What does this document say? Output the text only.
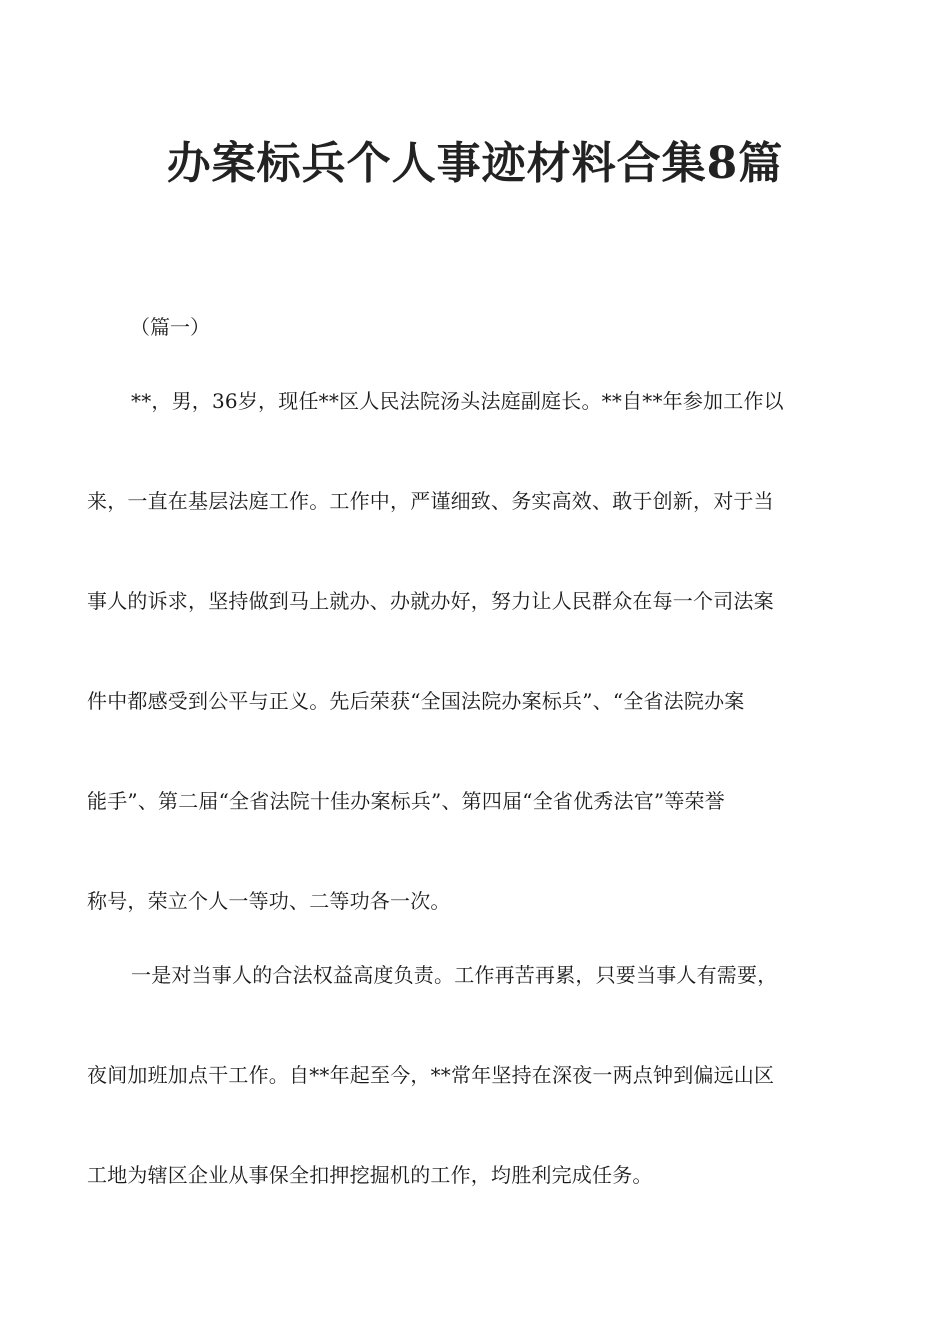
办案标兵个人事迹材料合集8篇

（篇一）

**，男，36岁，现任**区人民法院汤头法庭副庭长。**自**年参加工作以
来，一直在基层法庭工作。工作中，严谨细致、务实高效、敢于创新，对于当
事人的诉求，坚持做到马上就办、办就办好，努力让人民群众在每一个司法案
件中都感受到公平与正义。先后荣获“全国法院办案标兵”、“全省法院办案
能手”、第二届“全省法院十佳办案标兵”、第四届“全省优秀法官”等荣誉
称号，荣立个人一等功、二等功各一次。
一是对当事人的合法权益高度负责。工作再苦再累，只要当事人有需要，
夜间加班加点干工作。自**年起至今，**常年坚持在深夜一两点钟到偏远山区
工地为辖区企业从事保全扣押挖掘机的工作，均胜利完成任务。
